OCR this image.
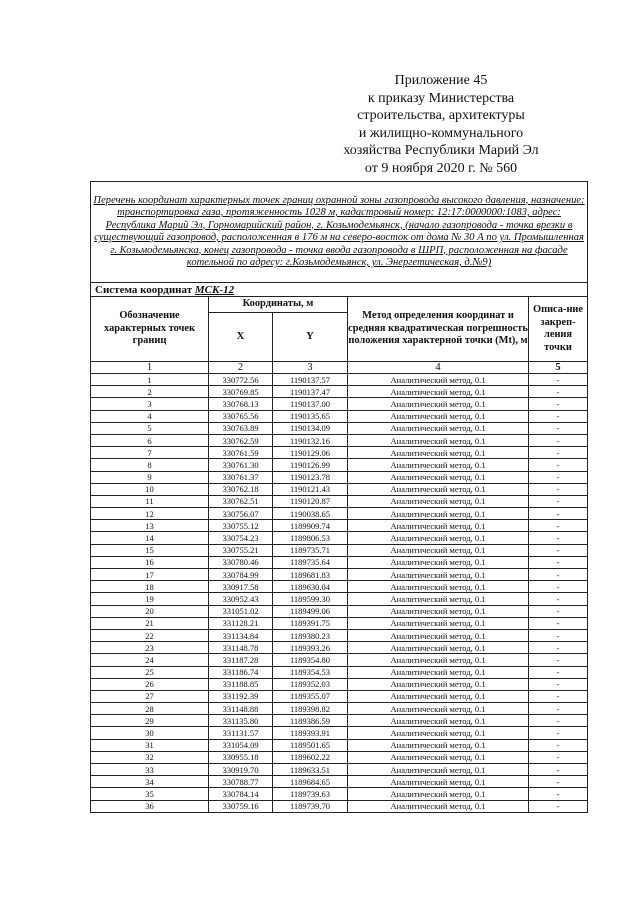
Приложение 45
к приказу Министерства
строительства, архитектуры
и жилищно-коммунального
хозяйства Республики Марий Эл
от 9 ноября 2020 г. № 560
Перечень координат характерных точек границ охранной зоны газопровода высокого давления, назначение: транспортировка газа, протяженность 1028 м, кадастровый номер: 12:17:0000000:1083, адрес: Республика Марий Эл, Горномарийский район, г. Козьмодемьянск, (начало газопровода - точка врезки в существующий газопровод, расположенная в 176 м на северо-восток от дома № 30 А по ул. Промышленная г. Козьмодемьянска, конец газопровода - точка ввода газопровода в ШРП, расположенная на фасаде котельной по адресу: г.Козьмодемьянск, ул. Энергетическая, д.№9)				
Система координат МСК-12				
Обозначение характерных точек границ	Координаты, м		Метод определения координат и средняя квадратическая погрешность положения характерной точки (Mt), м	Описа-ние закреп-ления точки
	X	Y		
1	2	3	4	5
1	330772.56	1190137.57	Аналитический метод, 0.1	-
2	330769.85	1190137.47	Аналитический метод, 0.1	-
3	330768.13	1190137.00	Аналитический метод, 0.1	-
4	330765.56	1190135.65	Аналитический метод, 0.1	-
5	330763.89	1190134.09	Аналитический метод, 0.1	-
6	330762.59	1190132.16	Аналитический метод, 0.1	-
7	330761.59	1190129.06	Аналитический метод, 0.1	-
8	330761.30	1190126.99	Аналитический метод, 0.1	-
9	330761.37	1190123.78	Аналитический метод, 0.1	-
10	330762.18	1190121.43	Аналитический метод, 0.1	-
11	330762.51	1190120.87	Аналитический метод, 0.1	-
12	330756.07	1190038.65	Аналитический метод, 0.1	-
13	330755.12	1189909.74	Аналитический метод, 0.1	-
14	330754.23	1189806.53	Аналитический метод, 0.1	-
15	330755.21	1189735.71	Аналитический метод, 0.1	-
16	330780.46	1189735.64	Аналитический метод, 0.1	-
17	330784.99	1189681.83	Аналитический метод, 0.1	-
18	330917.58	1189630.04	Аналитический метод, 0.1	-
19	330952.43	1189599.30	Аналитический метод, 0.1	-
20	331051.02	1189499.06	Аналитический метод, 0.1	-
21	331128.21	1189391.75	Аналитический метод, 0.1	-
22	331134.84	1189380.23	Аналитический метод, 0.1	-
23	331148.78	1189393.26	Аналитический метод, 0.1	-
24	331187.28	1189354.80	Аналитический метод, 0.1	-
25	331186.74	1189354.53	Аналитический метод, 0.1	-
26	331188.85	1189352.03	Аналитический метод, 0.1	-
27	331192.39	1189355.07	Аналитический метод, 0.1	-
28	331148.88	1189398.82	Аналитический метод, 0.1	-
29	331135.80	1189386.59	Аналитический метод, 0.1	-
30	331131.57	1189393.91	Аналитический метод, 0.1	-
31	331054.09	1189501.65	Аналитический метод, 0.1	-
32	330955.18	1189602.22	Аналитический метод, 0.1	-
33	330919.70	1189633.51	Аналитический метод, 0.1	-
34	330788.77	1189684.65	Аналитический метод, 0.1	-
35	330784.14	1189739.63	Аналитический метод, 0.1	-
36	330759.16	1189739.70	Аналитический метод, 0.1	-
